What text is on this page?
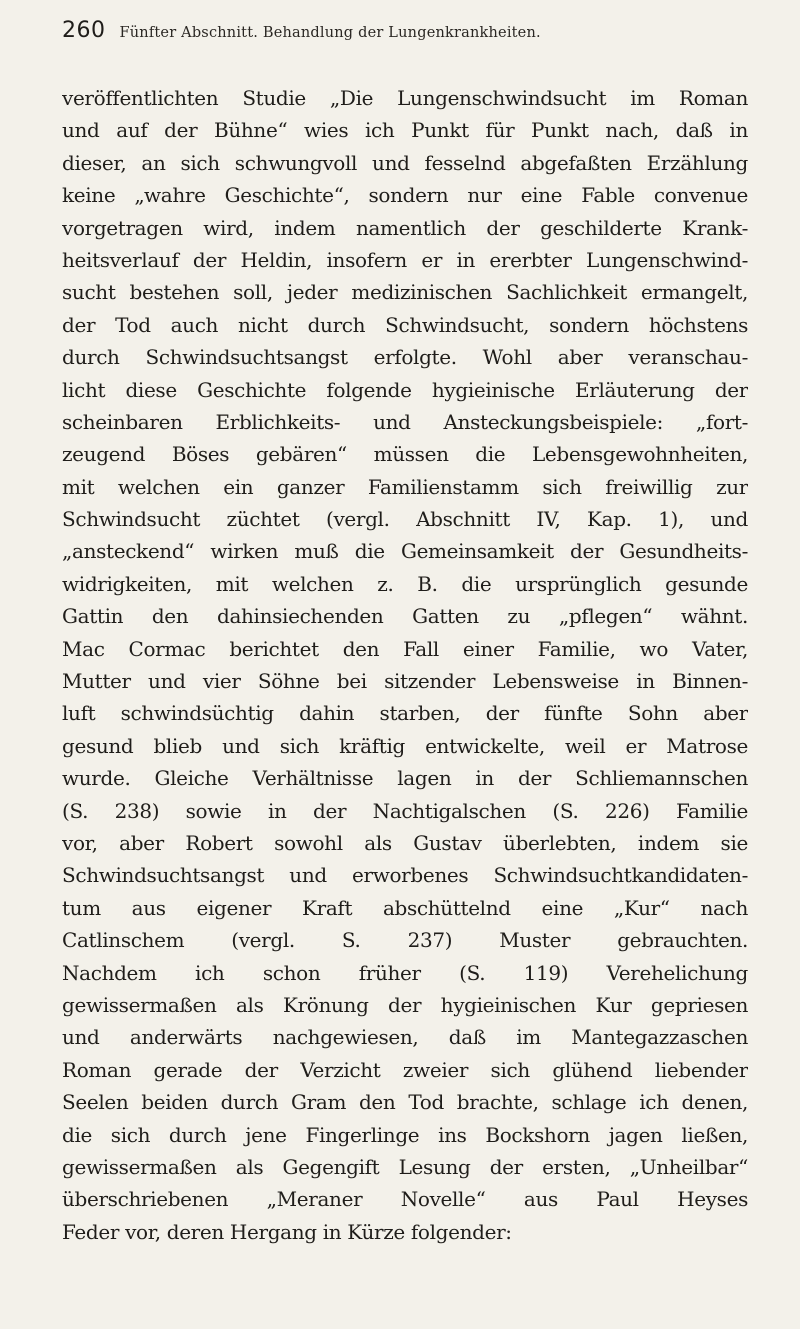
260 Fünfter Abschnitt. Behandlung der Lungenkrankheiten.
veröffentlichten Studie „Die Lungenschwindsucht im Roman
und auf der Bühne“ wies ich Punkt für Punkt nach, daß in
dieser, an sich schwungvoll und fesselnd abgefaßten Erzählung
keine „wahre Geschichte“, sondern nur eine Fable convenue
vorgetragen wird, indem namentlich der geschilderte Krank-
heitsverlauf der Heldin, insofern er in ererbter Lungenschwind-
sucht bestehen soll, jeder medizinischen Sachlichkeit ermangelt,
der Tod auch nicht durch Schwindsucht, sondern höchstens
durch Schwindsuchtsangst erfolgte. Wohl aber veranschau-
licht diese Geschichte folgende hygieinische Erläuterung der
scheinbaren Erblichkeits- und Ansteckungsbeispiele: „fort-
zeugend Böses gebären“ müssen die Lebensgewohnheiten,
mit welchen ein ganzer Familienstamm sich freiwillig zur
Schwindsucht züchtet (vergl. Abschnitt IV, Kap. 1), und
„ansteckend“ wirken muß die Gemeinsamkeit der Gesundheits-
widrigkeiten, mit welchen z. B. die ursprünglich gesunde
Gattin den dahinsiechenden Gatten zu „pflegen“ wähnt.
Mac Cormac berichtet den Fall einer Familie, wo Vater,
Mutter und vier Söhne bei sitzender Lebensweise in Binnen-
luft schwindsüchtig dahin starben, der fünfte Sohn aber
gesund blieb und sich kräftig entwickelte, weil er Matrose
wurde. Gleiche Verhältnisse lagen in der Schliemannschen
(S. 238) sowie in der Nachtigalschen (S. 226) Familie
vor, aber Robert sowohl als Gustav überlebten, indem sie
Schwindsuchtsangst und erworbenes Schwindsuchtkandidaten-
tum aus eigener Kraft abschüttelnd eine „Kur“ nach
Catlinschem (vergl. S. 237) Muster gebrauchten.
Nachdem ich schon früher (S. 119) Verehelichung
gewissermaßen als Krönung der hygieinischen Kur gepriesen
und anderwärts nachgewiesen, daß im Mantegazzaschen
Roman gerade der Verzicht zweier sich glühend liebender
Seelen beiden durch Gram den Tod brachte, schlage ich denen,
die sich durch jene Fingerlinge ins Bockshorn jagen ließen,
gewissermaßen als Gegengift Lesung der ersten, „Unheilbar“
überschriebenen „Meraner Novelle“ aus Paul Heyses
Feder vor, deren Hergang in Kürze folgender:
